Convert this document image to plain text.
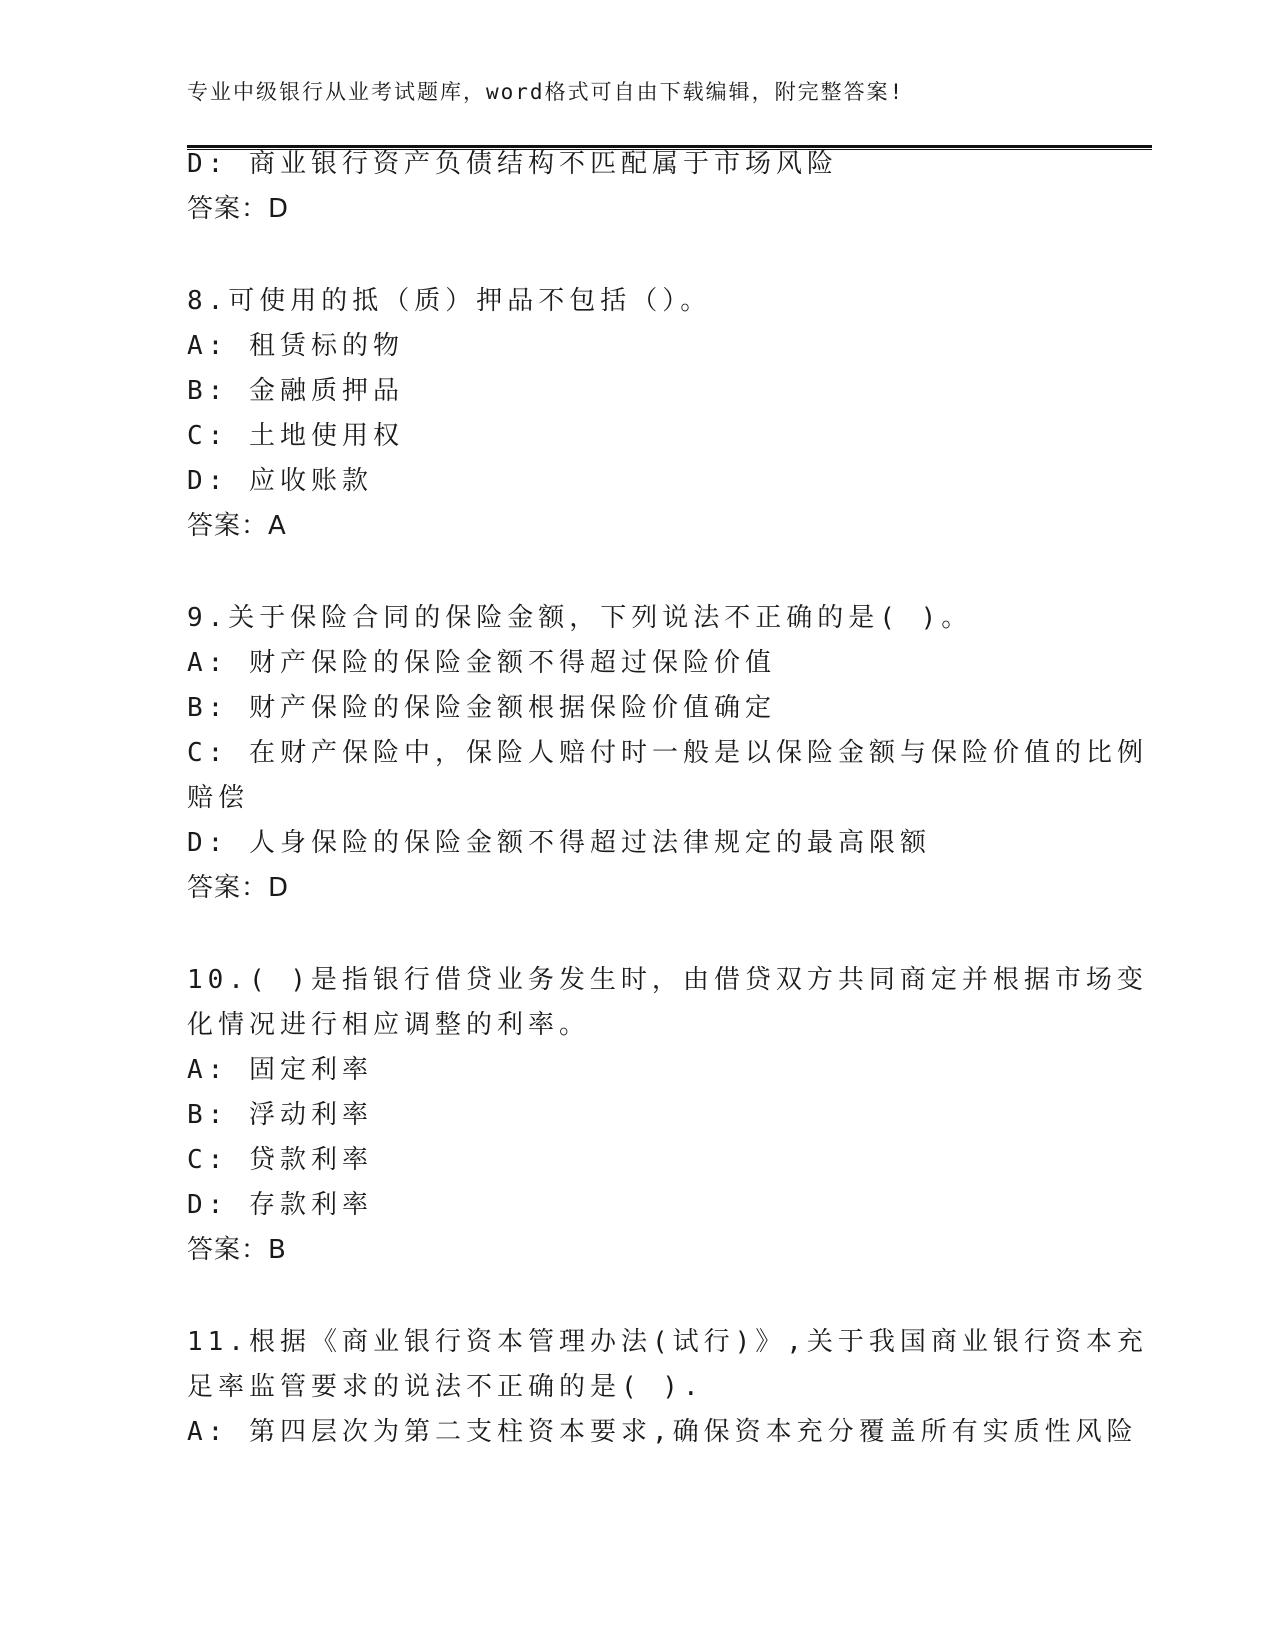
专业中级银行从业考试题库，word格式可自由下载编辑，附完整答案!
D: 商业银行资产负债结构不匹配属于市场风险
答案：D
8.可使用的抵（质）押品不包括（）。
A: 租赁标的物
B: 金融质押品
C: 土地使用权
D: 应收账款
答案：A
9.关于保险合同的保险金额，下列说法不正确的是( )。
A: 财产保险的保险金额不得超过保险价值
B: 财产保险的保险金额根据保险价值确定
C: 在财产保险中，保险人赔付时一般是以保险金额与保险价值的比例
赔偿
D: 人身保险的保险金额不得超过法律规定的最高限额
答案：D
10.( )是指银行借贷业务发生时，由借贷双方共同商定并根据市场变
化情况进行相应调整的利率。
A: 固定利率
B: 浮动利率
C: 贷款利率
D: 存款利率
答案：B
11.根据《商业银行资本管理办法(试行)》,关于我国商业银行资本充
足率监管要求的说法不正确的是( ).
A: 第四层次为第二支柱资本要求,确保资本充分覆盖所有实质性风险
